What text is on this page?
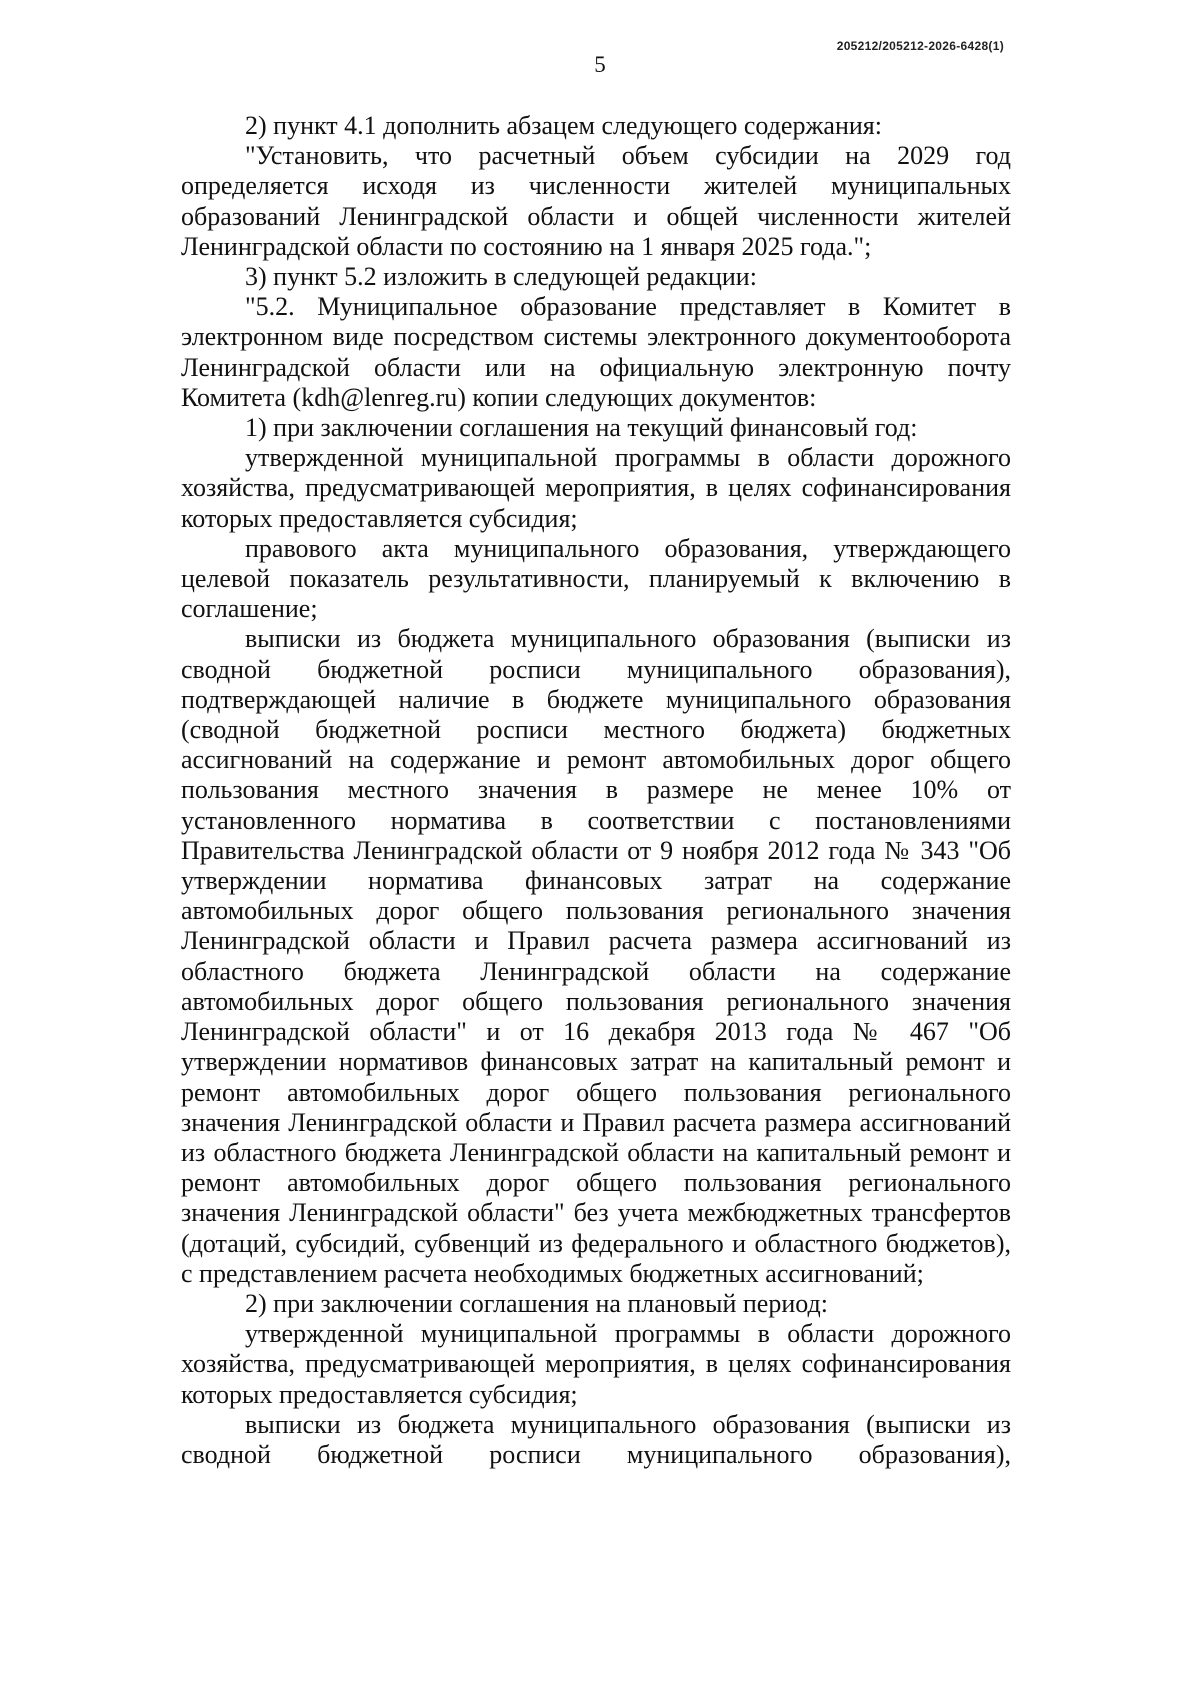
205212/205212-2026-6428(1)
5

2) пункт 4.1 дополнить абзацем следующего содержания:

"Установить, что расчетный объем субсидии на 2029 год определяется исходя из численности жителей муниципальных образований Ленинградской области и общей численности жителей Ленинградской области по состоянию на 1 января 2025 года.";

3) пункт 5.2 изложить в следующей редакции:

"5.2. Муниципальное образование представляет в Комитет в электронном виде посредством системы электронного документооборота Ленинградской области или на официальную электронную почту Комитета (kdh@lenreg.ru) копии следующих документов:

1) при заключении соглашения на текущий финансовый год:

утвержденной муниципальной программы в области дорожного хозяйства, предусматривающей мероприятия, в целях софинансирования которых предоставляется субсидия;

правового акта муниципального образования, утверждающего целевой показатель результативности, планируемый к включению в соглашение;

выписки из бюджета муниципального образования (выписки из сводной бюджетной росписи муниципального образования), подтверждающей наличие в бюджете муниципального образования (сводной бюджетной росписи местного бюджета) бюджетных ассигнований на содержание и ремонт автомобильных дорог общего пользования местного значения в размере не менее 10% от установленного норматива в соответствии с постановлениями Правительства Ленинградской области от 9 ноября 2012 года № 343 "Об утверждении норматива финансовых затрат на содержание автомобильных дорог общего пользования регионального значения Ленинградской области и Правил расчета размера ассигнований из областного бюджета Ленинградской области на содержание автомобильных дорог общего пользования регионального значения Ленинградской области" и от 16 декабря 2013 года № 467 "Об утверждении нормативов финансовых затрат на капитальный ремонт и ремонт автомобильных дорог общего пользования регионального значения Ленинградской области и Правил расчета размера ассигнований из областного бюджета Ленинградской области на капитальный ремонт и ремонт автомобильных дорог общего пользования регионального значения Ленинградской области" без учета межбюджетных трансфертов (дотаций, субсидий, субвенций из федерального и областного бюджетов), с представлением расчета необходимых бюджетных ассигнований;

2) при заключении соглашения на плановый период:

утвержденной муниципальной программы в области дорожного хозяйства, предусматривающей мероприятия, в целях софинансирования которых предоставляется субсидия;

выписки из бюджета муниципального образования (выписки из сводной бюджетной росписи муниципального образования),
